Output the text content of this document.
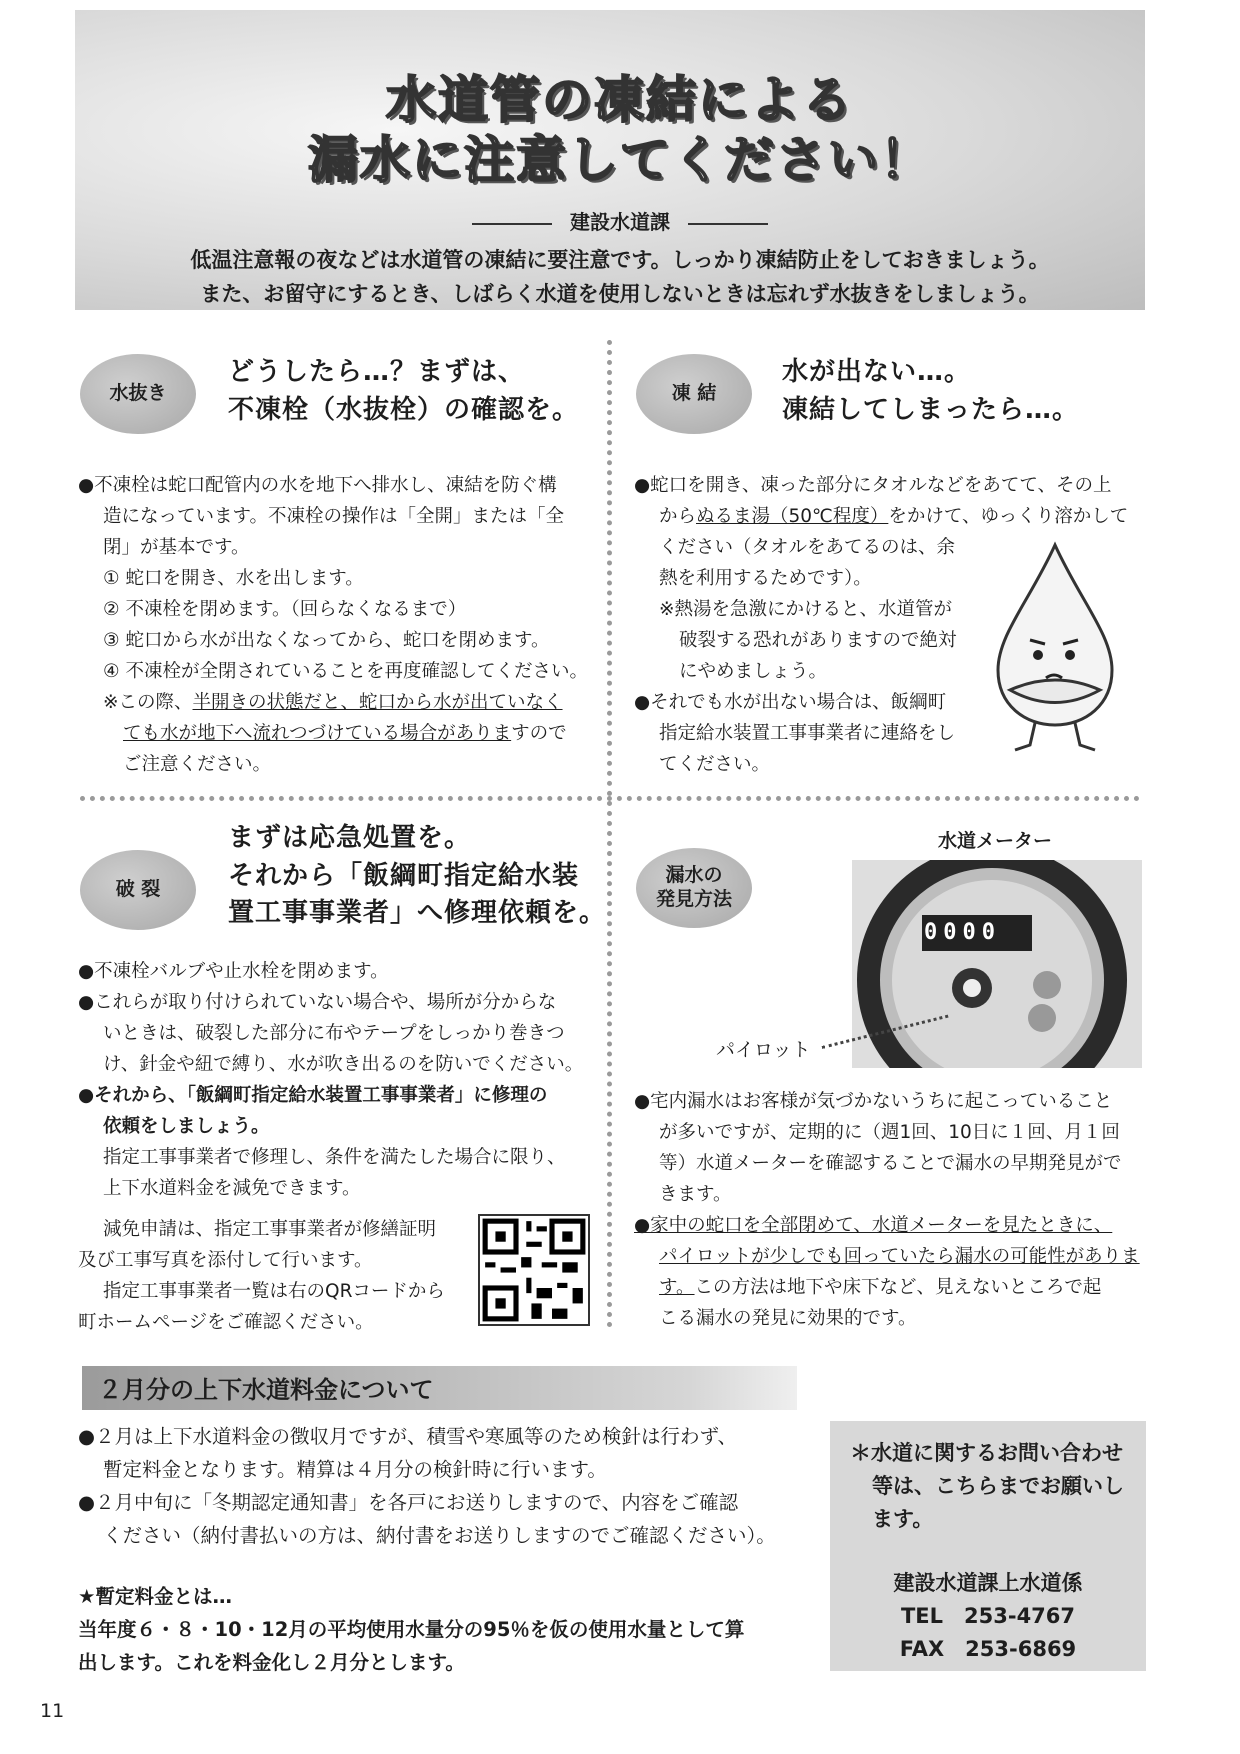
水道管の凍結による
漏水に注意してください！
建設水道課
低温注意報の夜などは水道管の凍結に要注意です。しっかり凍結防止をしておきましょう。
また、お留守にするとき、しばらく水道を使用しないときは忘れず水抜きをしましょう。
水抜き
どうしたら…？まずは、
不凍栓（水抜栓）の確認を。

●不凍栓は蛇口配管内の水を地下へ排水し、凍結を防ぐ構

造になっています。不凍栓の操作は「全開」または「全

閉」が基本です。

① 蛇口を開き、水を出します。

② 不凍栓を閉めます。（回らなくなるまで）

③ 蛇口から水が出なくなってから、蛇口を閉めます。

④ 不凍栓が全閉されていることを再度確認してください。

※この際、半開きの状態だと、蛇口から水が出ていなく

ても水が地下へ流れつづけている場合がありますので

ご注意ください。

凍 結
水が出ない…。
凍結してしまったら…。

●蛇口を開き、凍った部分にタオルなどをあてて、その上

からぬるま湯（50℃程度）をかけて、ゆっくり溶かして

ください（タオルをあてるのは、余

熱を利用するためです）。

※熱湯を急激にかけると、水道管が

破裂する恐れがありますので絶対

にやめましょう。

●それでも水が出ない場合は、飯綱町

指定給水装置工事事業者に連絡をし

てください。

破 裂
まずは応急処置を。
それから「飯綱町指定給水装
置工事事業者」へ修理依頼を。

●不凍栓バルブや止水栓を閉めます。

●これらが取り付けられていない場合や、場所が分からな

いときは、破裂した部分に布やテープをしっかり巻きつ

け、針金や紐で縛り、水が吹き出るのを防いでください。

●それから、「飯綱町指定給水装置工事事業者」に修理の

依頼をしましょう。

指定工事事業者で修理し、条件を満たした場合に限り、

上下水道料金を減免できます。

減免申請は、指定工事事業者が修繕証明

及び工事写真を添付して行います。

指定工事事業者一覧は右のQRコードから

町ホームページをご確認ください。

漏水の
発見方法
水道メーター
0000
パイロット

●宅内漏水はお客様が気づかないうちに起こっていること

が多いですが、定期的に（週1回、10日に１回、月１回

等）水道メーターを確認することで漏水の早期発見がで

きます。

●家中の蛇口を全部閉めて、水道メーターを見たときに、

パイロットが少しでも回っていたら漏水の可能性がありま

す。この方法は地下や床下など、見えないところで起

こる漏水の発見に効果的です。

２月分の上下水道料金について

●２月は上下水道料金の徴収月ですが、積雪や寒風等のため検針は行わず、

暫定料金となります。精算は４月分の検針時に行います。

●２月中旬に「冬期認定通知書」を各戸にお送りしますので、内容をご確認

ください（納付書払いの方は、納付書をお送りしますのでご確認ください）。

★暫定料金とは…

当年度６・８・10・12月の平均使用水量分の95％を仮の使用水量として算

出します。これを料金化し２月分とします。

＊水道に関するお問い合わせ
等は、こちらまでお願いし
ます。
建設水道課上水道係
TEL　253-4767
FAX　253-6869
11
